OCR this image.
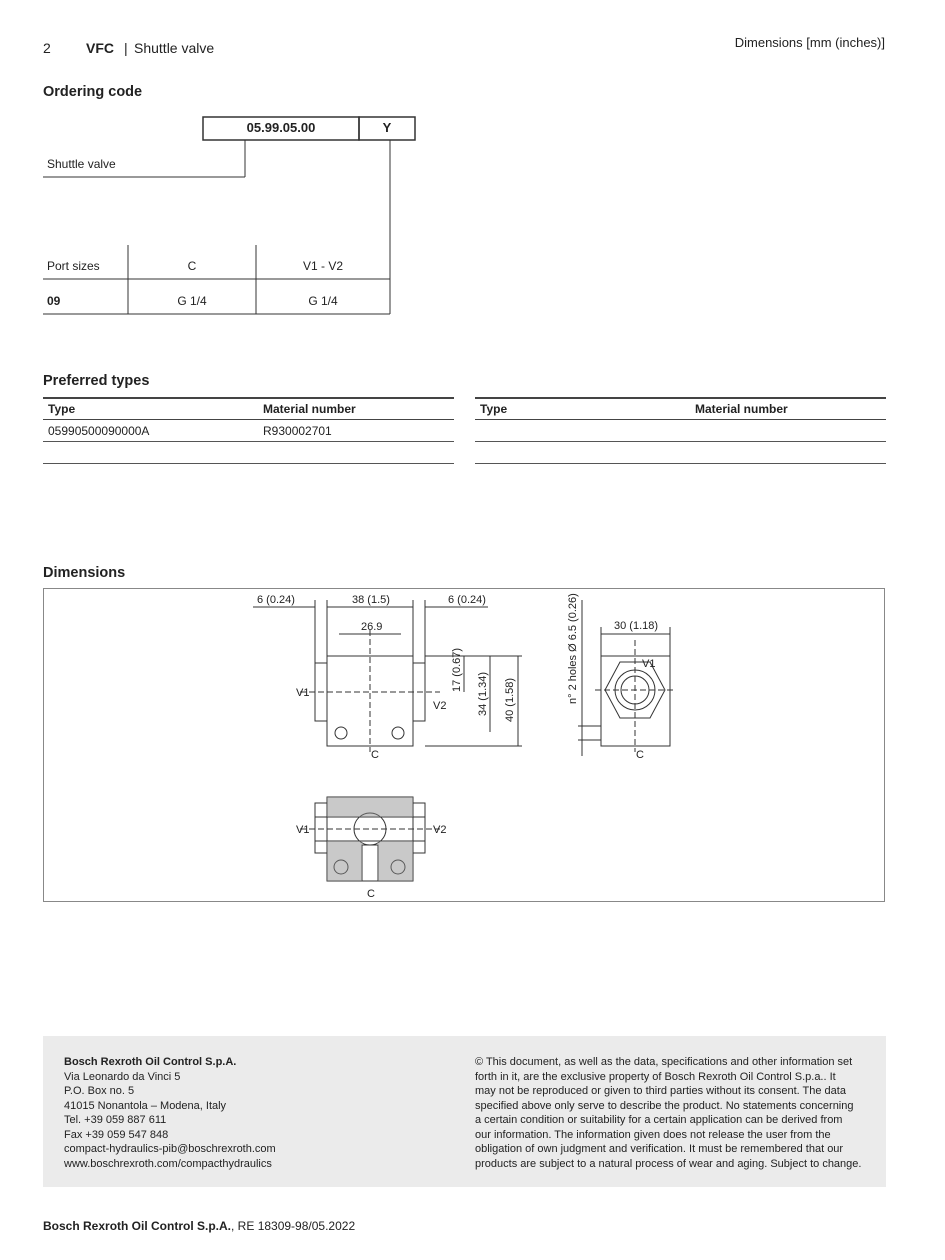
2	VFC | Shuttle valve	Dimensions [mm (inches)]
Ordering code
05.99.05.00	Y
Shuttle valve
Port sizes	C	V1 - V2
09	G 1/4	G 1/4
Preferred types
Type	Material number
05990500090000A	R930002701

Type	Material number

Dimensions
6 (0.24)	38 (1.5)	6 (0.24)
26.9	30 (1.18)
V1
V2
C
V1
C
V1	V2
C
17 (0.67)
34 (1.34) 40 (1.58)	n° 2 holes Ø 6.5 (0.26)
Bosch Rexroth Oil Control S.p.A.
Via Leonardo da Vinci 5
P.O. Box no. 5
41015 Nonantola – Modena, Italy
Tel. +39 059 887 611
Fax +39 059 547 848
compact-hydraulics-pib@boschrexroth.com
www.boschrexroth.com/compacthydraulics
© This document, as well as the data, specifications and other information set
forth in it, are the exclusive property of Bosch Rexroth Oil Control S.p.a.. It
may not be reproduced or given to third parties without its consent. The data
specified above only serve to describe the product. No statements concerning
a certain condition or suitability for a certain application can be derived from
our information. The information given does not release the user from the
obligation of own judgment and verification. It must be remembered that our
products are subject to a natural process of wear and aging. Subject to change.
Bosch Rexroth Oil Control S.p.A., RE 18309-98/05.2022
